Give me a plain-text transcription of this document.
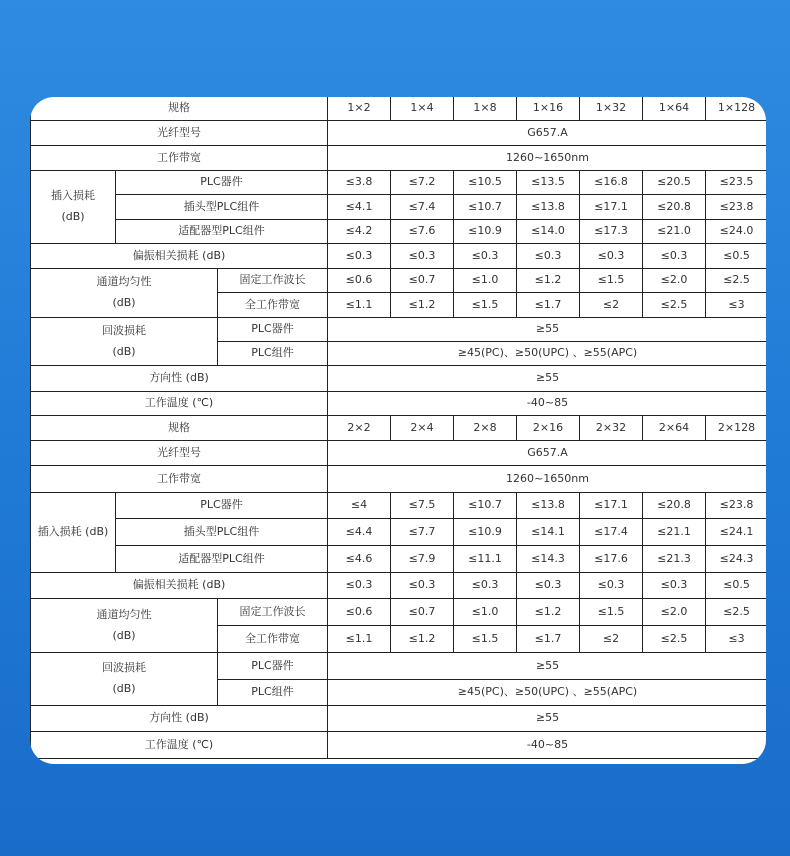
规格	1×2	1×4	1×8	1×16	1×32	1×64	1×128
光纤型号	G657.A
工作带宽	1260~1650nm
插入损耗
(dB)
PLC器件	≤3.8	≤7.2	≤10.5	≤13.5	≤16.8	≤20.5	≤23.5
插头型PLC组件	≤4.1	≤7.4	≤10.7	≤13.8	≤17.1	≤20.8	≤23.8
适配器型PLC组件	≤4.2	≤7.6	≤10.9	≤14.0	≤17.3	≤21.0	≤24.0
偏振相关损耗 (dB)	≤0.3	≤0.3	≤0.3	≤0.3	≤0.3	≤0.3	≤0.5
通道均匀性
(dB)
固定工作波长	≤0.6	≤0.7	≤1.0	≤1.2	≤1.5	≤2.0	≤2.5
全工作带宽	≤1.1	≤1.2	≤1.5	≤1.7	≤2	≤2.5	≤3
回波损耗
(dB)
PLC器件	≥55
PLC组件	≥45(PC)、≥50(UPC) 、≥55(APC)
方向性 (dB)	≥55
工作温度 (℃)	-40~85
规格	2×2	2×4	2×8	2×16	2×32	2×64	2×128
光纤型号	G657.A
工作带宽	1260~1650nm
插入损耗 (dB)
PLC器件	≤4	≤7.5	≤10.7	≤13.8	≤17.1	≤20.8	≤23.8
插头型PLC组件	≤4.4	≤7.7	≤10.9	≤14.1	≤17.4	≤21.1	≤24.1
适配器型PLC组件	≤4.6	≤7.9	≤11.1	≤14.3	≤17.6	≤21.3	≤24.3
偏振相关损耗 (dB)	≤0.3	≤0.3	≤0.3	≤0.3	≤0.3	≤0.3	≤0.5
通道均匀性
(dB)
固定工作波长	≤0.6	≤0.7	≤1.0	≤1.2	≤1.5	≤2.0	≤2.5
全工作带宽	≤1.1	≤1.2	≤1.5	≤1.7	≤2	≤2.5	≤3
回波损耗
(dB)
PLC器件	≥55
PLC组件	≥45(PC)、≥50(UPC) 、≥55(APC)
方向性 (dB)	≥55
工作温度 (℃)	-40~85
